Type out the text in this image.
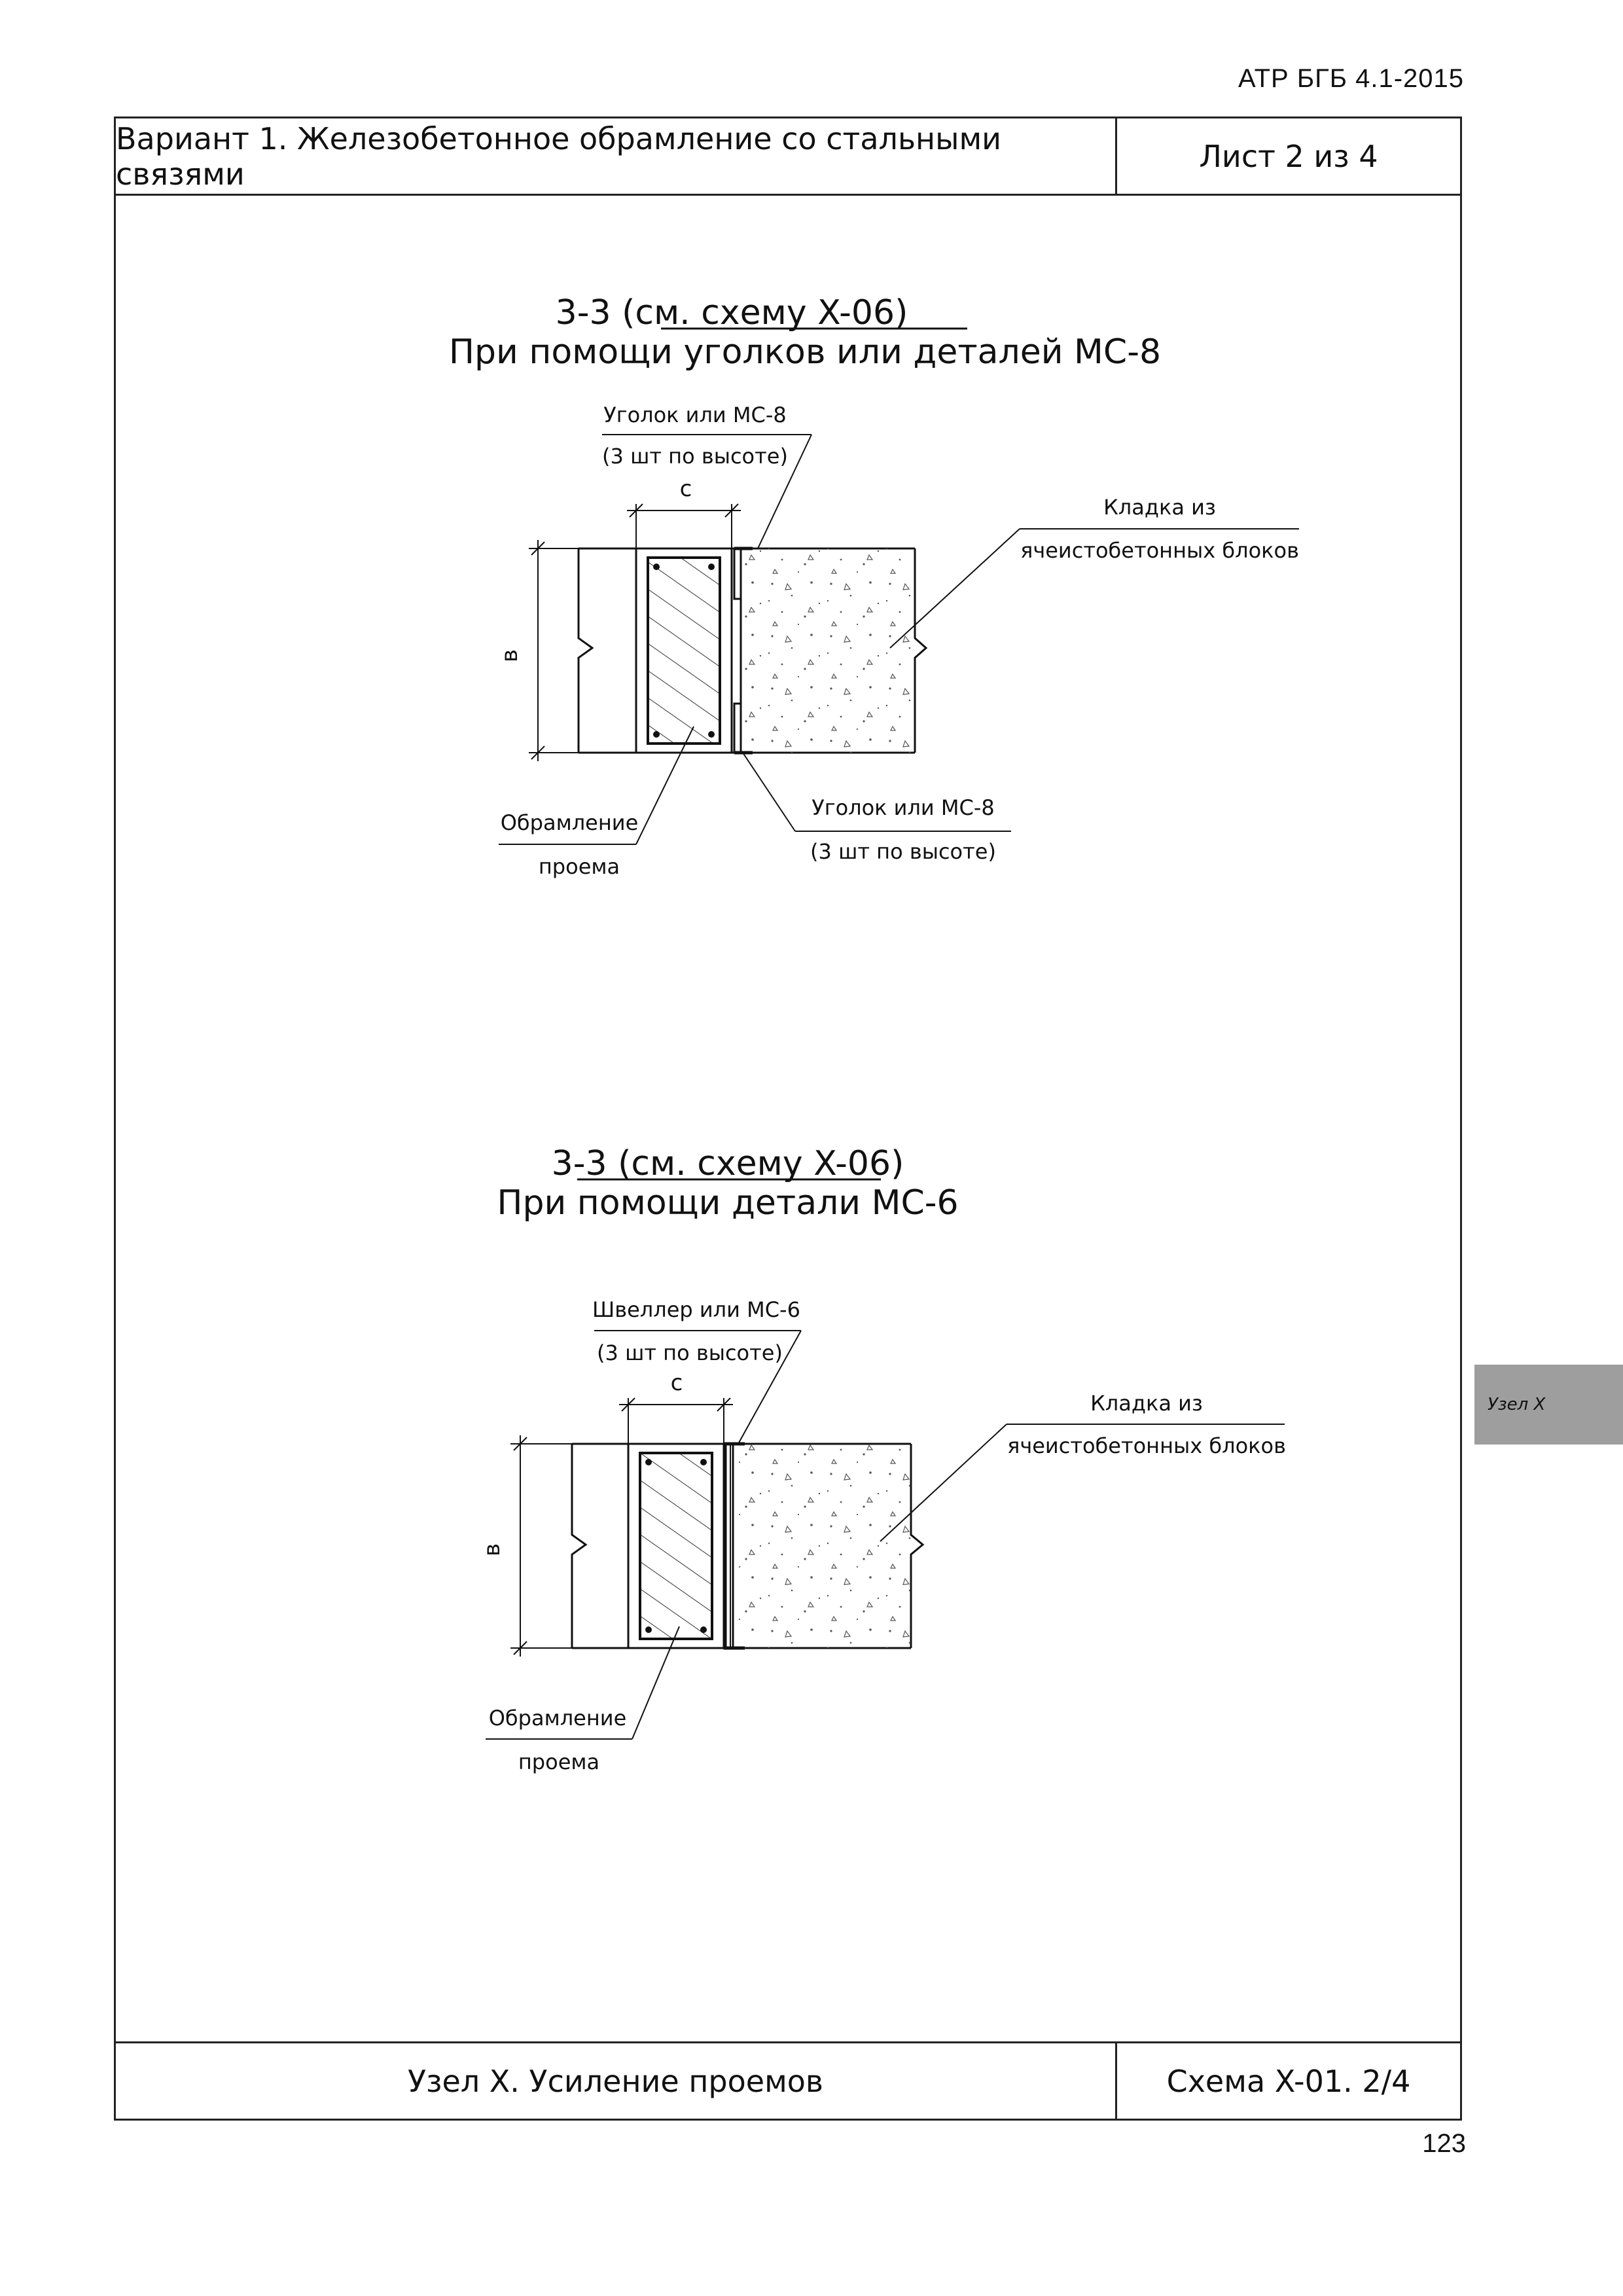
АТР БГБ 4.1-2015
Вариант 1. Железобетонное обрамление со стальными связями	Лист 2 из 4
Узел X. Усиление проемов	Схема X-01. 2/4
Узел X
3-3 (см. схему X-06)
При помощи уголков или деталей МС-8
в
c
Уголок или МС-8
(3 шт по высоте)
Кладка из
ячеистобетонных блоков
Обрамление
проема
Уголок или МС-8
(3 шт по высоте)
3-3 (см. схему X-06)
При помощи детали МС-6
в
c
Швеллер или МС-6
(3 шт по высоте)
Кладка из
ячеистобетонных блоков
Обрамление
проема
123
